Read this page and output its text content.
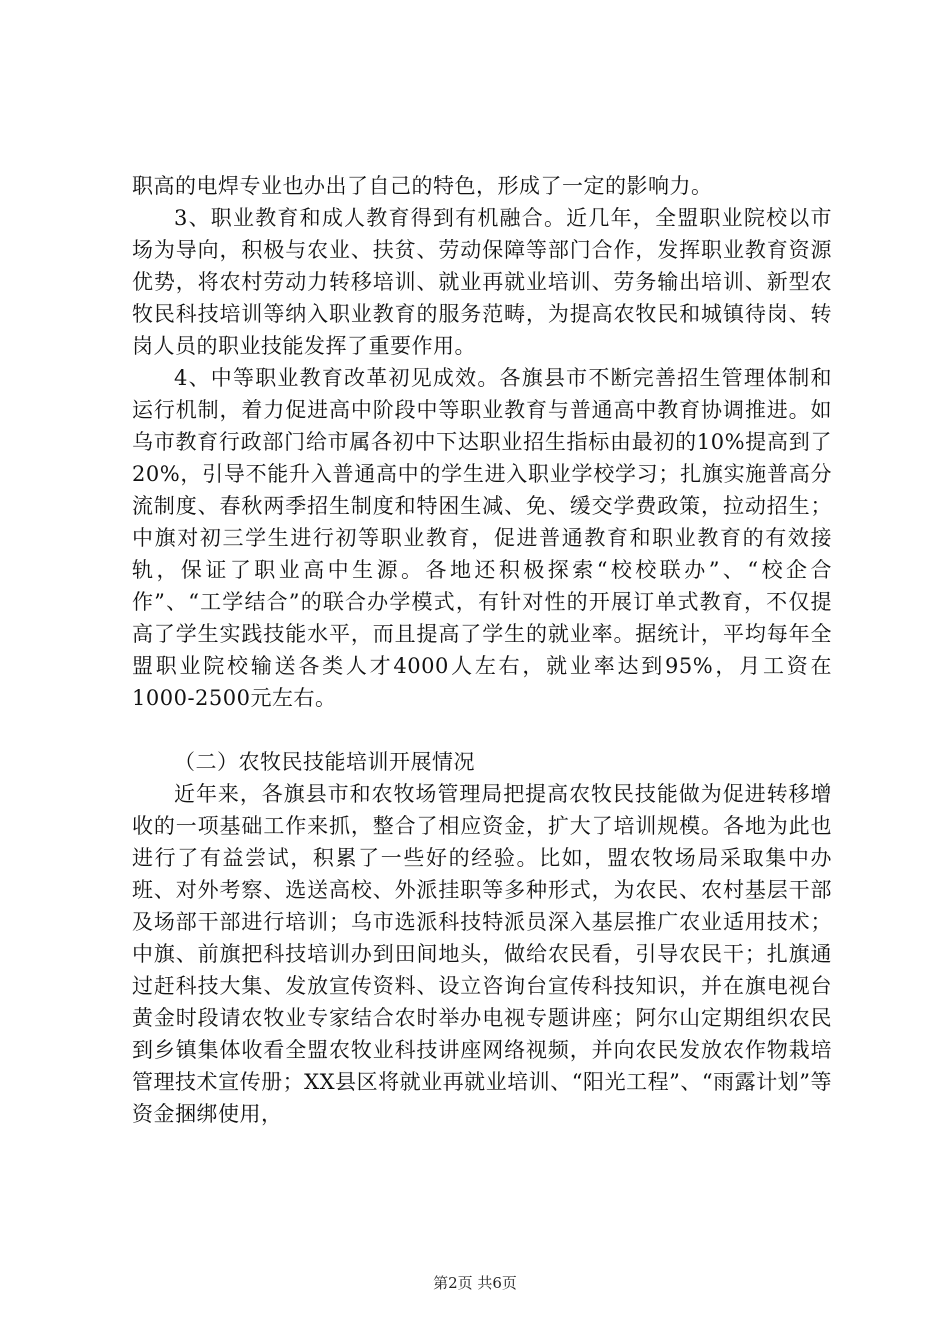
职高的电焊专业也办出了自己的特色，形成了一定的影响力。

3、职业教育和成人教育得到有机融合。近几年，全盟职业院校以市场为导向，积极与农业、扶贫、劳动保障等部门合作，发挥职业教育资源优势，将农村劳动力转移培训、就业再就业培训、劳务输出培训、新型农牧民科技培训等纳入职业教育的服务范畴，为提高农牧民和城镇待岗、转岗人员的职业技能发挥了重要作用。

4、中等职业教育改革初见成效。各旗县市不断完善招生管理体制和运行机制，着力促进高中阶段中等职业教育与普通高中教育协调推进。如乌市教育行政部门给市属各初中下达职业招生指标由最初的10%提高到了20%，引导不能升入普通高中的学生进入职业学校学习；扎旗实施普高分流制度、春秋两季招生制度和特困生减、免、缓交学费政策，拉动招生；中旗对初三学生进行初等职业教育，促进普通教育和职业教育的有效接轨，保证了职业高中生源。各地还积极探索“校校联办”、“校企合作”、“工学结合”的联合办学模式，有针对性的开展订单式教育，不仅提高了学生实践技能水平，而且提高了学生的就业率。据统计，平均每年全盟职业院校输送各类人才4000人左右，就业率达到95%，月工资在1000-2500元左右。

（二）农牧民技能培训开展情况

近年来，各旗县市和农牧场管理局把提高农牧民技能做为促进转移增收的一项基础工作来抓，整合了相应资金，扩大了培训规模。各地为此也进行了有益尝试，积累了一些好的经验。比如，盟农牧场局采取集中办班、对外考察、选送高校、外派挂职等多种形式，为农民、农村基层干部及场部干部进行培训；乌市选派科技特派员深入基层推广农业适用技术；中旗、前旗把科技培训办到田间地头，做给农民看，引导农民干；扎旗通过赶科技大集、发放宣传资料、设立咨询台宣传科技知识，并在旗电视台黄金时段请农牧业专家结合农时举办电视专题讲座；阿尔山定期组织农民到乡镇集体收看全盟农牧业科技讲座网络视频，并向农民发放农作物栽培管理技术宣传册；XX县区将就业再就业培训、“阳光工程”、“雨露计划”等资金捆绑使用，

第2页 共6页
